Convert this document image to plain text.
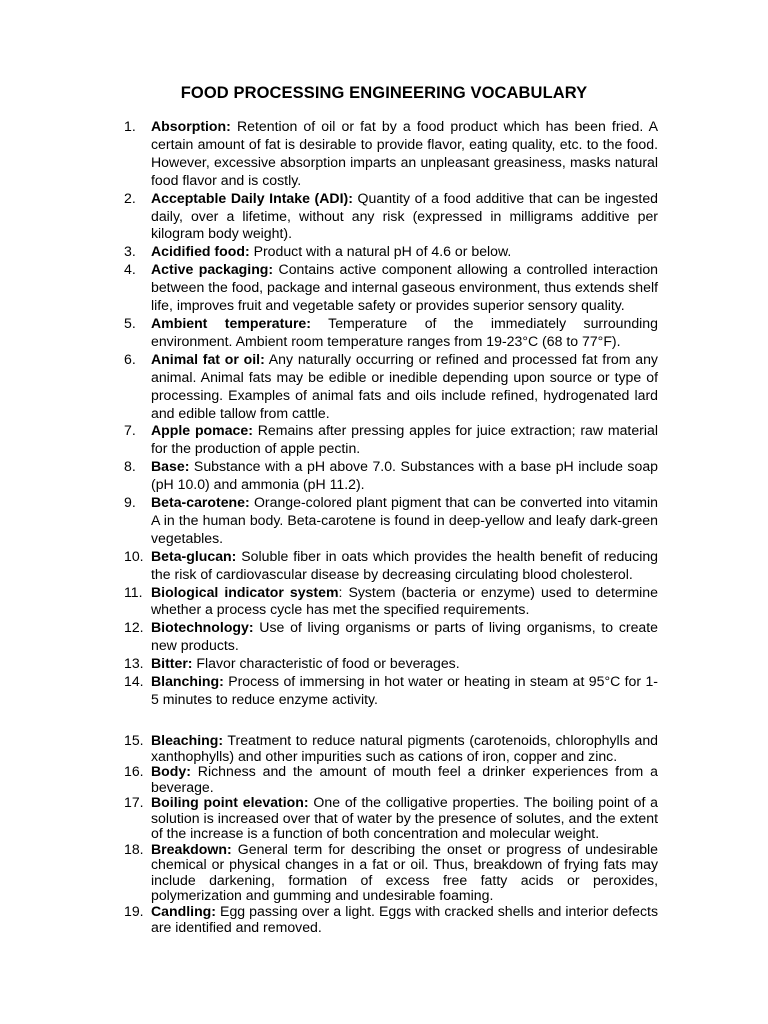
FOOD PROCESSING ENGINEERING VOCABULARY
1.	Absorption: Retention of oil or fat by a food product which has been fried. A certain amount of fat is desirable to provide flavor, eating quality, etc. to the food. However, excessive absorption imparts an unpleasant greasiness, masks natural food flavor and is costly.
2.	Acceptable Daily Intake (ADI): Quantity of a food additive that can be ingested daily, over a lifetime, without any risk (expressed in milligrams additive per kilogram body weight).
3.	Acidified food: Product with a natural pH of 4.6 or below.
4.	Active packaging: Contains active component allowing a controlled interaction between the food, package and internal gaseous environment, thus extends shelf life, improves fruit and vegetable safety or provides superior sensory quality.
5.	Ambient temperature: Temperature of the immediately surrounding environment. Ambient room temperature ranges from 19-23°C (68 to 77°F).
6.	Animal fat or oil: Any naturally occurring or refined and processed fat from any animal. Animal fats may be edible or inedible depending upon source or type of processing. Examples of animal fats and oils include refined, hydrogenated lard and edible tallow from cattle.
7.	Apple pomace: Remains after pressing apples for juice extraction; raw material for the production of apple pectin.
8.	Base: Substance with a pH above 7.0. Substances with a base pH include soap (pH 10.0) and ammonia (pH 11.2).
9.	Beta-carotene: Orange-colored plant pigment that can be converted into vitamin A in the human body. Beta-carotene is found in deep-yellow and leafy dark-green vegetables.
10. Beta-glucan: Soluble fiber in oats which provides the health benefit of reducing the risk of cardiovascular disease by decreasing circulating blood cholesterol.
11. Biological indicator system: System (bacteria or enzyme) used to determine whether a process cycle has met the specified requirements.
12. Biotechnology: Use of living organisms or parts of living organisms, to create new products.
13. Bitter: Flavor characteristic of food or beverages.
14. Blanching: Process of immersing in hot water or heating in steam at 95°C for 1-5 minutes to reduce enzyme activity.
15. Bleaching: Treatment to reduce natural pigments (carotenoids, chlorophylls and xanthophylls) and other impurities such as cations of iron, copper and zinc.
16. Body: Richness and the amount of mouth feel a drinker experiences from a beverage.
17. Boiling point elevation: One of the colligative properties. The boiling point of a solution is increased over that of water by the presence of solutes, and the extent of the increase is a function of both concentration and molecular weight.
18. Breakdown: General term for describing the onset or progress of undesirable chemical or physical changes in a fat or oil. Thus, breakdown of frying fats may include darkening, formation of excess free fatty acids or peroxides, polymerization and gumming and undesirable foaming.
19. Candling: Egg passing over a light. Eggs with cracked shells and interior defects are identified and removed.
